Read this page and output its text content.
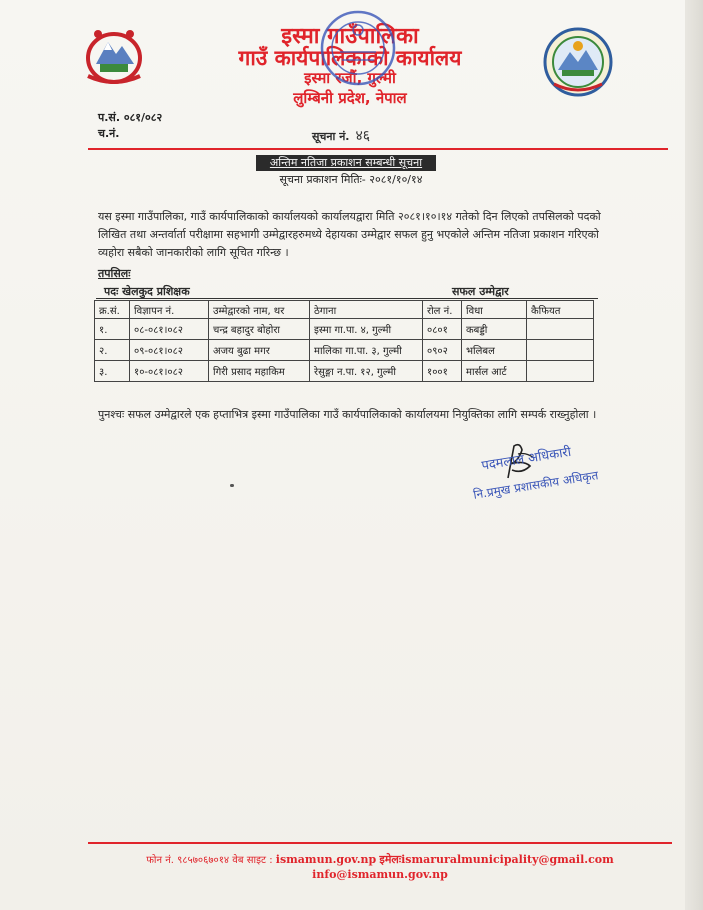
इस्मा गाउँपालिका
गाउँ कार्यपालिकाको कार्यालय
इस्मा रजौं, गुल्मी
लुम्बिनी प्रदेश, नेपाल
प.सं. ०८१/०८२
च.नं.	सूचना नं. ४६
अन्तिम नतिजा प्रकाशन सम्बन्धी सूचना
सूचना प्रकाशन मितिः- २०८१/१०/१४
यस इस्मा गाउँपालिका, गाउँ कार्यपालिकाको कार्यालयको कार्यालयद्वारा मिति २०८१।१०।१४ गतेको दिन लिएको तपसिलको पदको लिखित तथा अन्तर्वार्ता परीक्षामा सहभागी उम्मेद्वारहरुमध्ये देहायका उम्मेद्वार सफल हुनु भएकोले अन्तिम नतिजा प्रकाशन गरिएको व्यहोरा सबैको जानकारीको लागि सूचित गरिन्छ ।
तपसिलः
पदः खेलकुद प्रशिक्षक	सफल उम्मेद्वार
क्र.सं.	विज्ञापन नं.	उम्मेद्वारको नाम, थर	ठेगाना	रोल नं.	विधा	कैफियत
१.	०८-०८१।०८२	चन्द्र बहादुर बोहोरा	इस्मा गा.पा. ४, गुल्मी	०८०१	कबड्डी	
२.	०९-०८१।०८२	अजय बुढा मगर	मालिका गा.पा. ३, गुल्मी	०९०२	भलिबल	
३.	१०-०८१।०८२	गिरी प्रसाद महाकिम	रेसुङ्गा न.पा. १२, गुल्मी	१००१	मार्सल आर्ट	
पुनश्चः सफल उम्मेद्वारले एक हप्ताभित्र इस्मा गाउँपालिका गाउँ कार्यपालिकाको कार्यालयमा नियुक्तिका लागि सम्पर्क राख्नुहोला ।
पदमलाल अधिकारी
नि.प्रमुख प्रशासकीय अधिकृत
फोन नं. ९८५७०६७०१४ वेब साइट : ismamun.gov.np इमेलःismaruralmunicipality@gmail.com
info@ismamun.gov.np
